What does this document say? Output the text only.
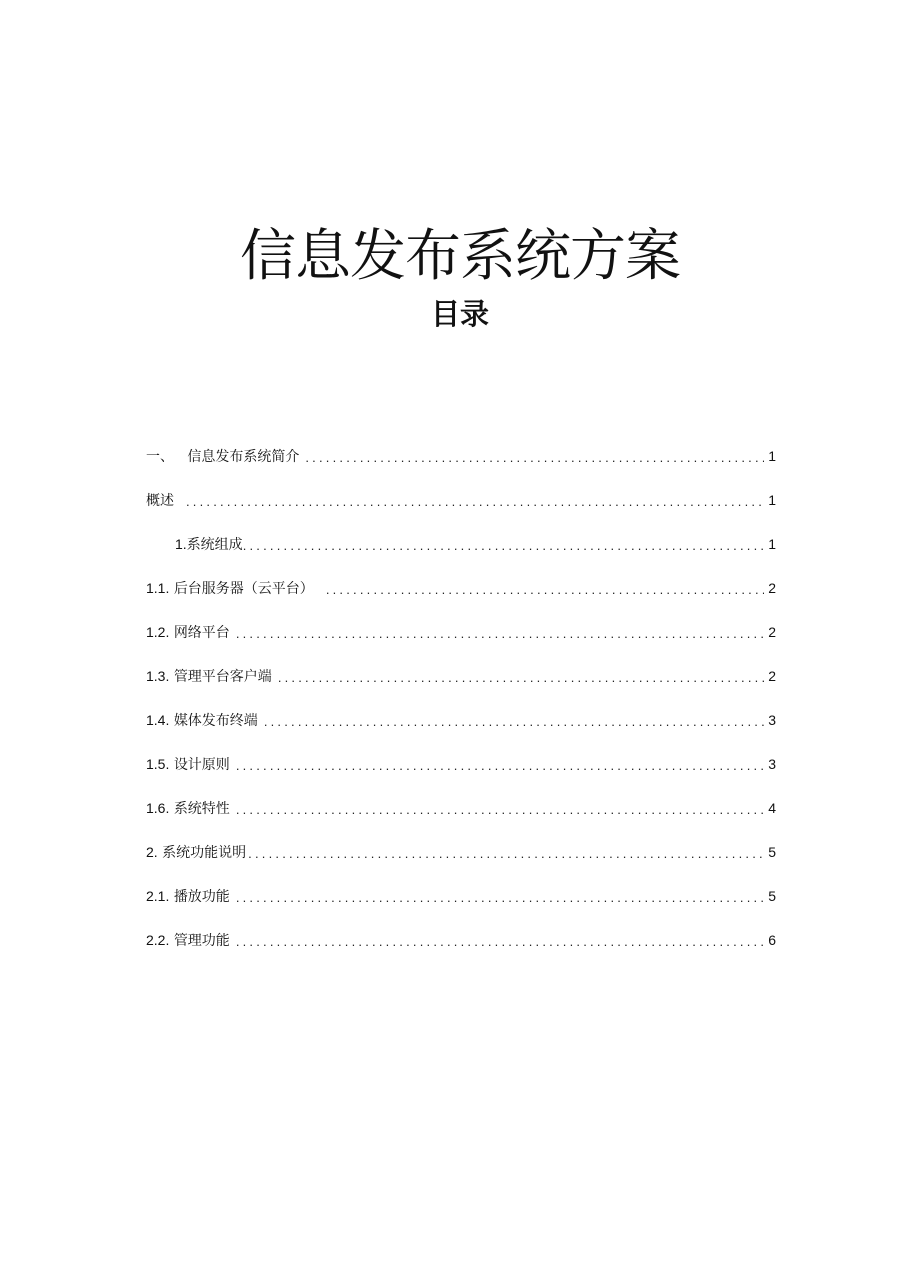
信息发布系统方案
目录
一、 信息发布系统简介 .....	1
概述 .....	1
1.系统组成 .....	1
1.1. 后台服务器（云平台） .....	2
1.2. 网络平台 .....	2
1.3. 管理平台客户端 .....	2
1.4. 媒体发布终端 .....	3
1.5. 设计原则 .....	3
1.6. 系统特性 .....	4
2. 系统功能说明 .....	5
2.1. 播放功能 .....	5
2.2. 管理功能 .....	6
